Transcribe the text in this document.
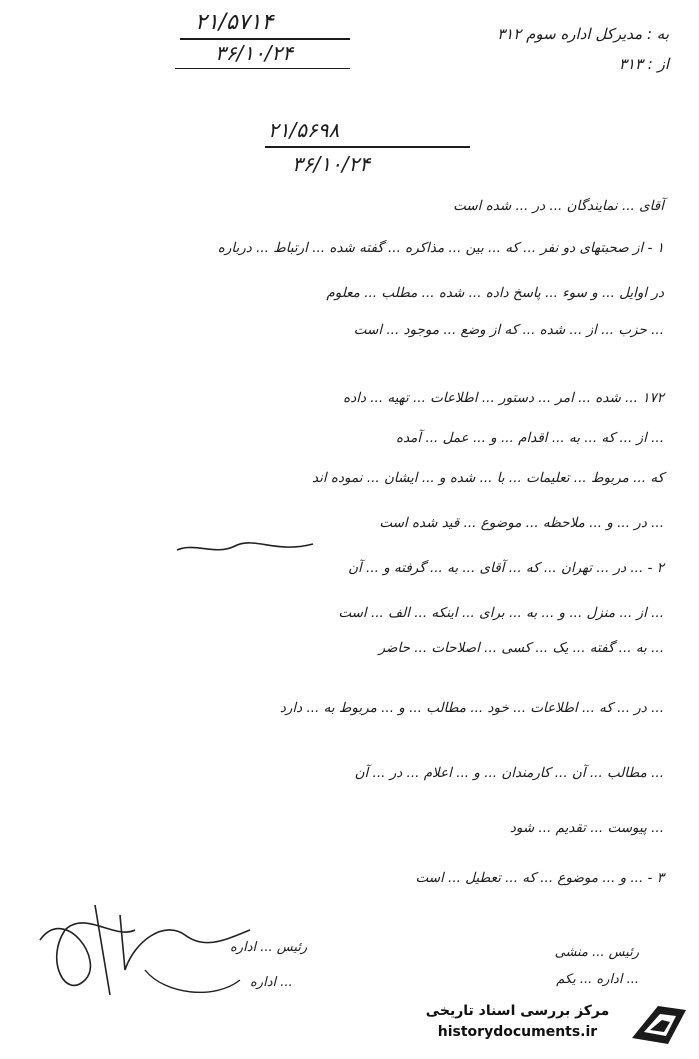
۲۱/۵۷۱۴
۳۶/۱۰/۲۴
به : مدیرکل اداره سوم ۳۱۲
از : ۳۱۳
۲۱/۵۶۹۸
۳۶/۱۰/۲۴
آقای ... نمایندگان ... در ... شده است
۱ - از صحبتهای دو نفر ... که ... بین ... مذاکره ... گفته شده ... ارتباط ... درباره
در اوایل ... و سوء ... پاسخ داده ... شده ... مطلب ... معلوم
... حزب ... از ... شده ... که از وضع ... موجود ... است
۱۷۲ ... شده ... امر ... دستور ... اطلاعات ... تهیه ... داده
... از ... که ... به ... اقدام ... و ... عمل ... آمده
که ... مربوط ... تعلیمات ... با ... شده و ... ایشان ... نموده اند
... در ... و ... ملاحظه ... موضوع ... قید شده است
۲ - ... در ... تهران ... که ... آقای ... به ... گرفته و ... آن
... از ... منزل ... و ... به ... برای ... اینکه ... الف ... است
... به ... گفته ... یک ... کسی ... اصلاحات ... حاضر
... در ... که ... اطلاعات ... خود ... مطالب ... و ... مربوط به ... دارد
... مطالب ... آن ... کارمندان ... و ... اعلام ... در ... آن
... پیوست ... تقدیم ... شود
۳ - ... و ... موضوع ... که ... تعطیل ... است
رئیس ... اداره
... اداره
رئیس ... منشی
... اداره ... یکم
مرکز بررسی اسناد تاریخی
historydocuments.ir
